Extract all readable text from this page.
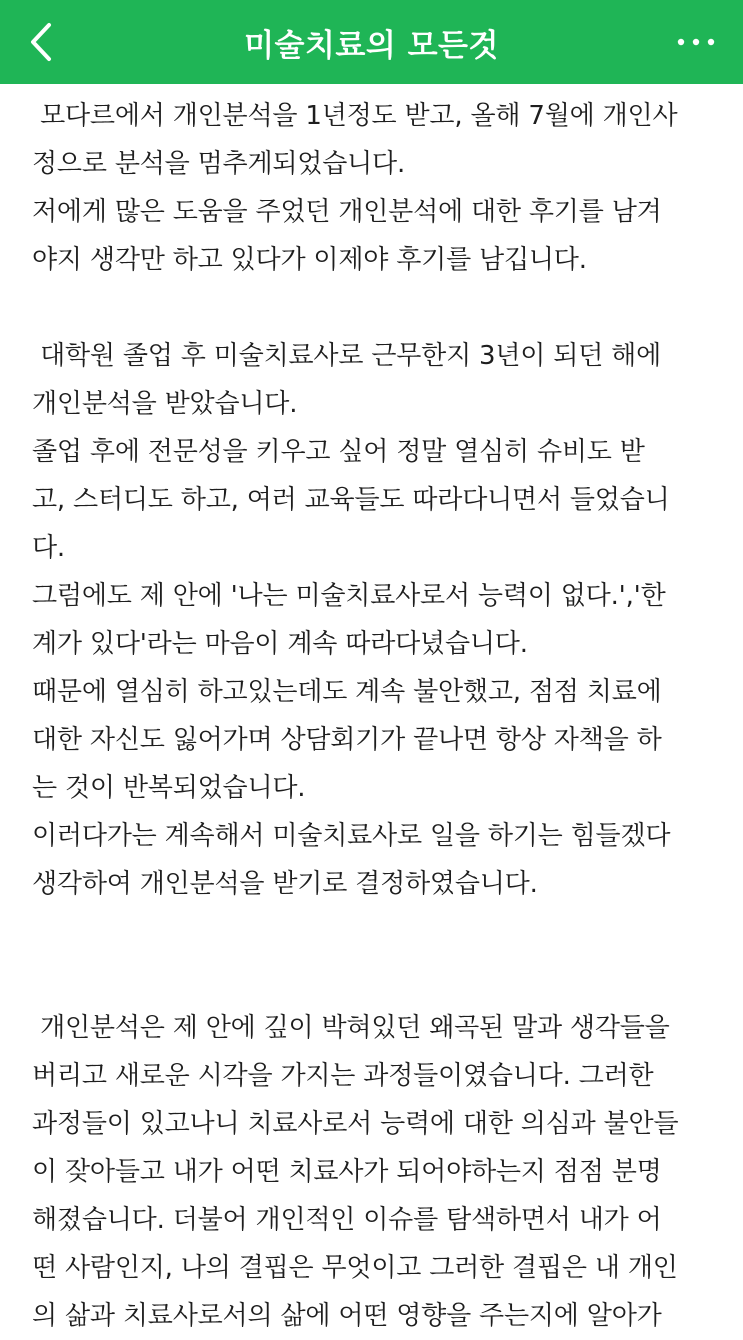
미술치료의 모든것
모다르에서 개인분석을 1년정도 받고, 올해 7월에 개인사
정으로 분석을 멈추게되었습니다.
저에게 많은 도움을 주었던 개인분석에 대한 후기를 남겨
야지 생각만 하고 있다가 이제야 후기를 남깁니다.
대학원 졸업 후 미술치료사로 근무한지 3년이 되던 해에
개인분석을 받았습니다.
졸업 후에 전문성을 키우고 싶어 정말 열심히 슈비도 받
고, 스터디도 하고, 여러 교육들도 따라다니면서 들었습니
다.
그럼에도 제 안에 '나는 미술치료사로서 능력이 없다.','한
계가 있다'라는 마음이 계속 따라다녔습니다.
때문에 열심히 하고있는데도 계속 불안했고, 점점 치료에
대한 자신도 잃어가며 상담회기가 끝나면 항상 자책을 하
는 것이 반복되었습니다.
이러다가는 계속해서 미술치료사로 일을 하기는 힘들겠다
생각하여 개인분석을 받기로 결정하였습니다.
개인분석은 제 안에 깊이 박혀있던 왜곡된 말과 생각들을
버리고 새로운 시각을 가지는 과정들이였습니다. 그러한
과정들이 있고나니 치료사로서 능력에 대한 의심과 불안들
이 잦아들고 내가 어떤 치료사가 되어야하는지 점점 분명
해졌습니다. 더불어 개인적인 이슈를 탐색하면서 내가 어
떤 사람인지, 나의 결핍은 무엇이고 그러한 결핍은 내 개인
의 삶과 치료사로서의 삶에 어떤 영향을 주는지에 알아가
